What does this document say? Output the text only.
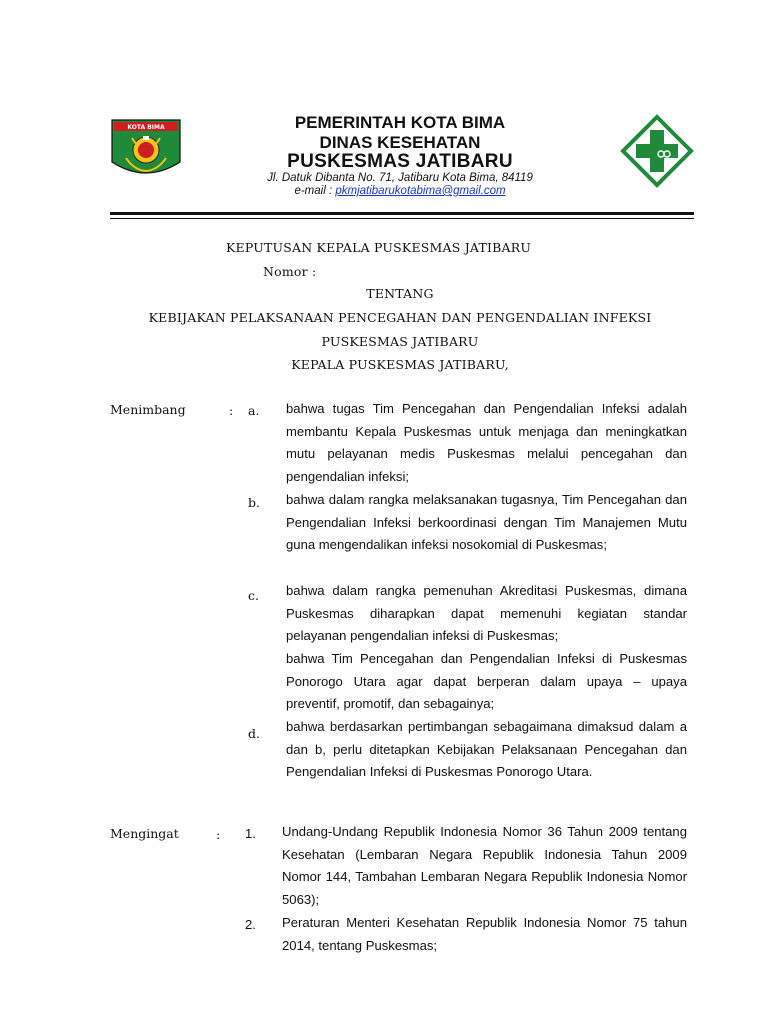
KOTA BIMA	PEMERINTAH KOTA BIMA
DINAS KESEHATAN
PUSKESMAS JATIBARU
Jl. Datuk Dibanta No. 71, Jatibaru Kota Bima, 84119
e-mail : pkmjatibarukotabima@gmail.com
KEPUTUSAN KEPALA PUSKESMAS JATIBARU
Nomor :
TENTANG
KEBIJAKAN PELAKSANAAN PENCEGAHAN DAN PENGENDALIAN INFEKSI
PUSKESMAS JATIBARU
KEPALA PUSKESMAS JATIBARU,
Menimbang	: a. bahwa tugas Tim Pencegahan dan Pengendalian Infeksi adalah membantu Kepala Puskesmas untuk menjaga dan meningkatkan mutu pelayanan medis Puskesmas melalui pencegahan dan pengendalian infeksi;
b. bahwa dalam rangka melaksanakan tugasnya, Tim Pencegahan dan Pengendalian Infeksi berkoordinasi dengan Tim Manajemen Mutu guna mengendalikan infeksi nosokomial di Puskesmas;
c. bahwa dalam rangka pemenuhan Akreditasi Puskesmas, dimana Puskesmas diharapkan dapat memenuhi kegiatan standar pelayanan pengendalian infeksi di Puskesmas;
bahwa Tim Pencegahan dan Pengendalian Infeksi di Puskesmas Ponorogo Utara agar dapat berperan dalam upaya – upaya preventif, promotif, dan sebagainya;
d. bahwa berdasarkan pertimbangan sebagaimana dimaksud dalam a dan b, perlu ditetapkan Kebijakan Pelaksanaan Pencegahan dan Pengendalian Infeksi di Puskesmas Ponorogo Utara.
Mengingat	: 1. Undang-Undang Republik Indonesia Nomor 36 Tahun 2009 tentang Kesehatan (Lembaran Negara Republik Indonesia Tahun 2009 Nomor 144, Tambahan Lembaran Negara Republik Indonesia Nomor 5063);
2. Peraturan Menteri Kesehatan Republik Indonesia Nomor 75 tahun 2014, tentang Puskesmas;
